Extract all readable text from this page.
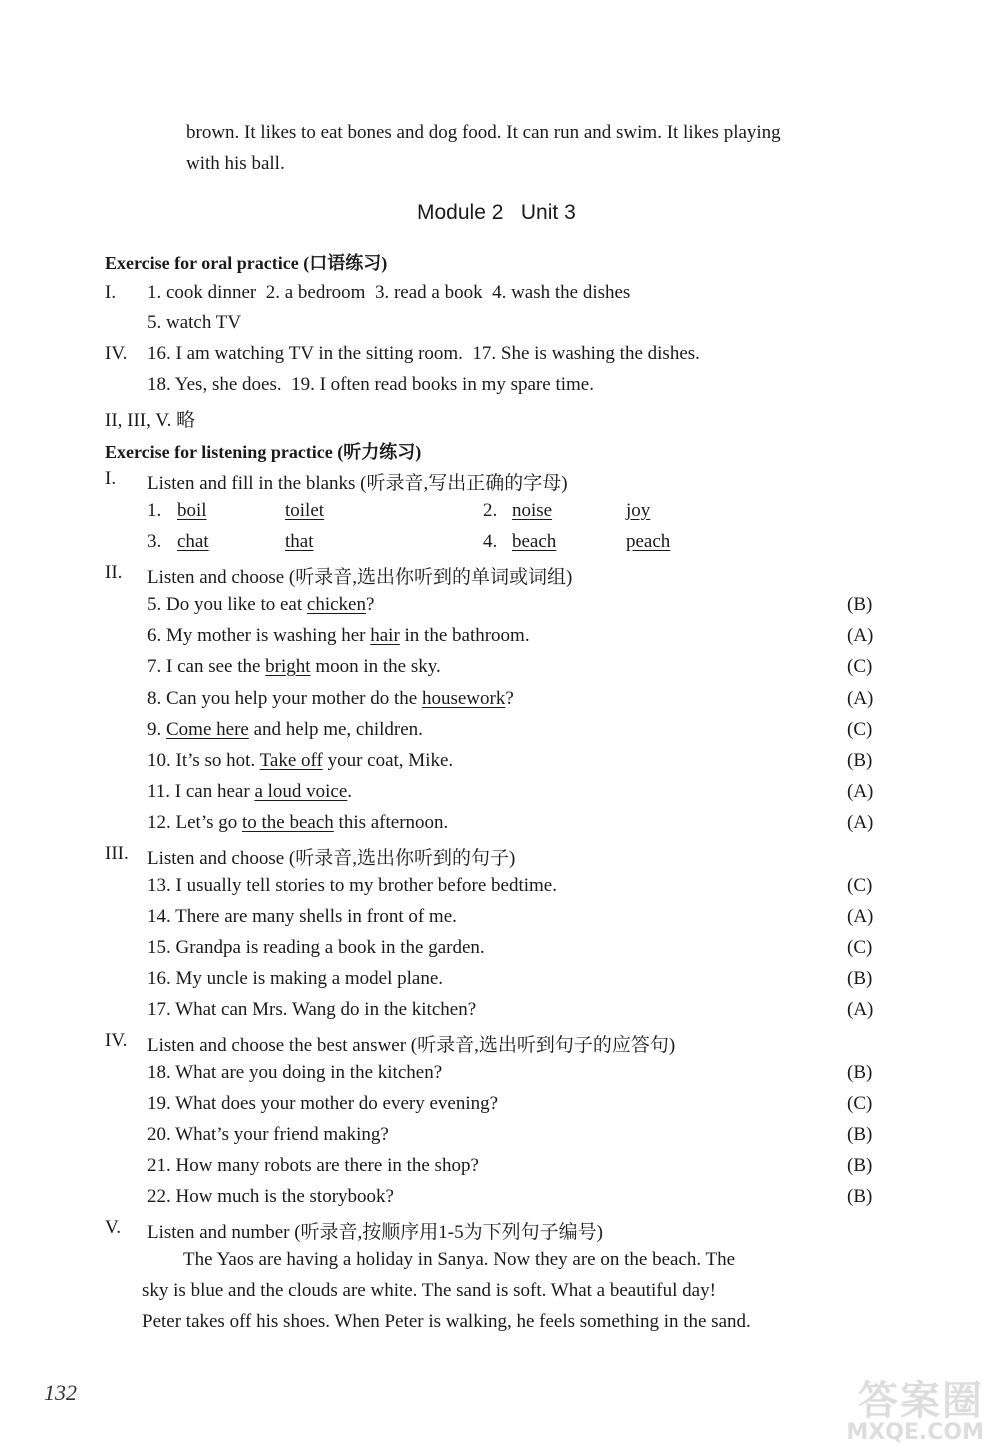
brown. It likes to eat bones and dog food. It can run and swim. It likes playing
with his ball.
Module 2   Unit 3
Exercise for oral practice (口语练习)
I. 1. cook dinner  2. a bedroom  3. read a book  4. wash the dishes
5. watch TV
IV. 16. I am watching TV in the sitting room.  17. She is washing the dishes.
18. Yes, she does.  19. I often read books in my spare time.
II, III, V. 略
Exercise for listening practice (听力练习)
I. Listen and fill in the blanks (听录音,写出正确的字母)
1. boil	toilet	2. noise	joy
3. chat	that	4. beach	peach
II. Listen and choose (听录音,选出你听到的单词或词组)
5. Do you like to eat chicken?	(B)
6. My mother is washing her hair in the bathroom.	(A)
7. I can see the bright moon in the sky.	(C)
8. Can you help your mother do the housework?	(A)
9. Come here and help me, children.	(C)
10. It’s so hot. Take off your coat, Mike.	(B)
11. I can hear a loud voice.	(A)
12. Let’s go to the beach this afternoon.	(A)
III. Listen and choose (听录音,选出你听到的句子)
13. I usually tell stories to my brother before bedtime.	(C)
14. There are many shells in front of me.	(A)
15. Grandpa is reading a book in the garden.	(C)
16. My uncle is making a model plane.	(B)
17. What can Mrs. Wang do in the kitchen?	(A)
IV. Listen and choose the best answer (听录音,选出听到句子的应答句)
18. What are you doing in the kitchen?	(B)
19. What does your mother do every evening?	(C)
20. What’s your friend making?	(B)
21. How many robots are there in the shop?	(B)
22. How much is the storybook?	(B)
V. Listen and number (听录音,按顺序用1-5为下列句子编号)
The Yaos are having a holiday in Sanya. Now they are on the beach. The
sky is blue and the clouds are white. The sand is soft. What a beautiful day!
Peter takes off his shoes. When Peter is walking, he feels something in the sand.
132	答案圈
MXQE.COM
